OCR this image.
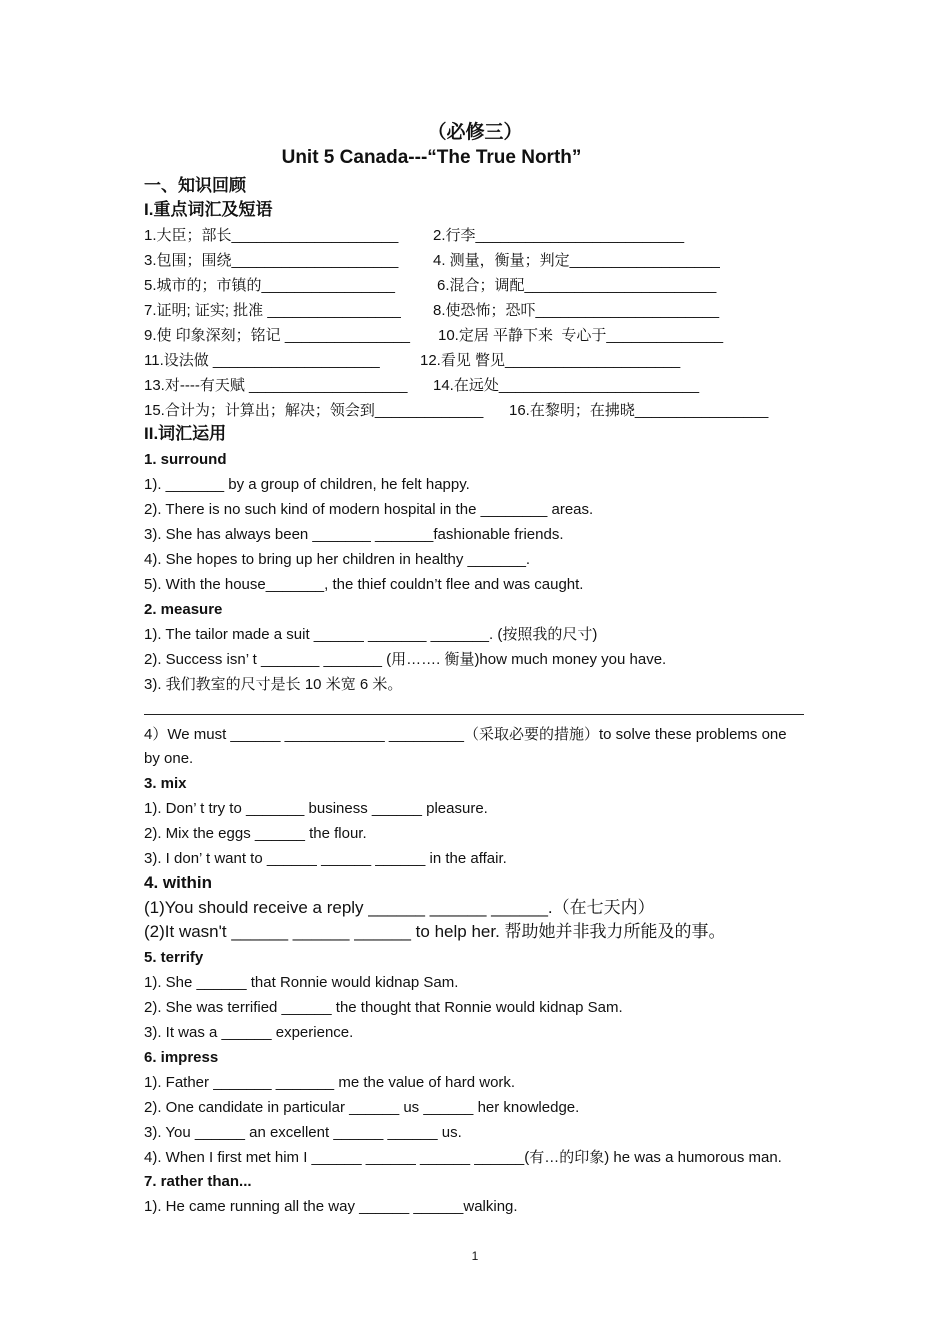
（必修三）
Unit 5 Canada---“The True North”
一、知识回顾
I.重点词汇及短语
1.大臣；部长____________________ 2.行李_________________________
3.包围；围绕____________________ 4. 测量，衡量；判定__________________
5.城市的；市镇的________________	6.混合；调配_______________________
7.证明; 证实; 批准 ________________ 8.使恐怖；恐吓______________________
9.使 印象深刻；铭记 _______________ 10.定居 平静下来  专心于______________
11.设法做 ____________________	12.看见 瞥见_____________________
13.对----有天赋 ___________________ 14.在远处________________________
15.合计为；计算出；解决；领会到_____________ 16.在黎明；在拂晓________________
II.词汇运用
1. surround
1). _______ by a group of children, he felt happy.
2). There is no such kind of modern hospital in the ________ areas.
3). She has always been _______ _______fashionable friends.
4). She hopes to bring up her children in healthy _______.
5). With the house_______, the thief couldn’t flee and was caught.
2. measure
1). The tailor made a suit ______ _______ _______. (按照我的尺寸)
2). Success isn’ t _______ _______ (用……. 衡量)how much money you have.
3). 我们教室的尺寸是长 10 米宽 6 米。
4）We must ______ ____________ _________（采取必要的措施）to solve these problems one
by one.
3. mix
1). Don’ t try to _______ business ______ pleasure.
2). Mix the eggs ______ the flour.
3). I don’ t want to ______ ______ ______ in the affair.
4. within
(1)You should receive a reply ______ ______ ______.（在七天内）
(2)It wasn't ______ ______ ______ to help her. 帮助她并非我力所能及的事。
5. terrify
1). She ______ that Ronnie would kidnap Sam.
2). She was terrified ______ the thought that Ronnie would kidnap Sam.
3). It was a ______ experience.
6. impress
1). Father _______ _______ me the value of hard work.
2). One candidate in particular ______ us ______ her knowledge.
3). You ______ an excellent ______ ______ us.
4). When I first met him I ______ ______ ______ ______(有…的印象) he was a humorous man.
7. rather than...
1). He came running all the way ______ ______walking.
1
